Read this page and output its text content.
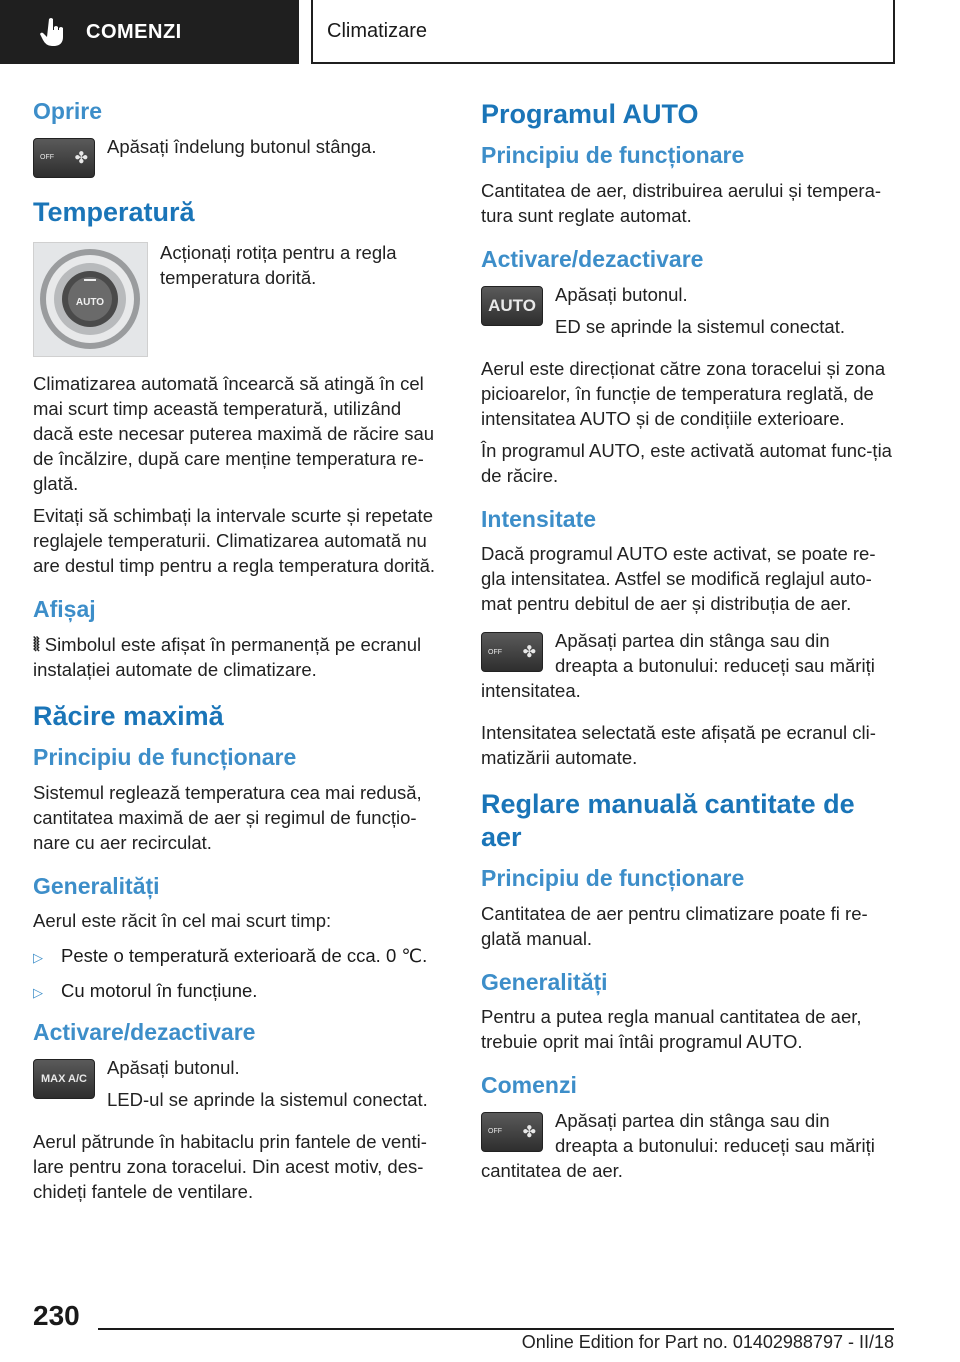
COMENZI	Climatizare
Oprire
OFF ✤

Apăsați îndelung butonul stânga.

Temperatură
AUTO

Acționați rotița pentru a regla temperatura dorită.

Climatizarea automată încearcă să atingă în cel mai scurt timp această temperatură, utilizând dacă este necesar puterea maximă de răcire sau de încălzire, după care menține temperatura re‐glată.

Evitați să schimbați la intervale scurte și repetate reglajele temperaturii. Climatizarea automată nu are destul timp pentru a regla temperatura dorită.

Afișaj

⦚⦚ Simbolul este afișat în permanență pe ecranul instalației automate de climatizare.

Răcire maximă
Principiu de funcționare

Sistemul reglează temperatura cea mai redusă, cantitatea maximă de aer și regimul de funcțio‐nare cu aer recirculat.

Generalități

Aerul este răcit în cel mai scurt timp:

▷ Peste o temperatură exterioară de cca. 0 ℃.
▷ Cu motorul în funcțiune.
Activare/dezactivare
MAX A/C

Apăsați butonul.

LED-ul se aprinde la sistemul conectat.

Aerul pătrunde în habitaclu prin fantele de venti‐lare pentru zona toracelui. Din acest motiv, des‐chideți fantele de ventilare.

Programul AUTO
Principiu de funcționare

Cantitatea de aer, distribuirea aerului și tempera‐tura sunt reglate automat.

Activare/dezactivare
AUTO

Apăsați butonul.

ED se aprinde la sistemul conectat.

Aerul este direcționat către zona toracelui și zona picioarelor, în funcție de temperatura reglată, de intensitatea AUTO și de condițiile exterioare.

În programul AUTO, este activată automat func‐ția de răcire.

Intensitate

Dacă programul AUTO este activat, se poate re‐gla intensitatea. Astfel se modifică reglajul auto‐mat pentru debitul de aer și distribuția de aer.

OFF ✤

Apăsați partea din stânga sau din dreapta a butonului: reduceți sau măriți intensitatea.

Intensitatea selectată este afișată pe ecranul cli‐matizării automate.

Reglare manuală cantitate de aer
Principiu de funcționare

Cantitatea de aer pentru climatizare poate fi re‐glată manual.

Generalități

Pentru a putea regla manual cantitatea de aer, trebuie oprit mai întâi programul AUTO.

Comenzi
OFF ✤

Apăsați partea din stânga sau din dreapta a butonului: reduceți sau măriți cantitatea de aer.

230
Online Edition for Part no. 01402988797 - II/18
